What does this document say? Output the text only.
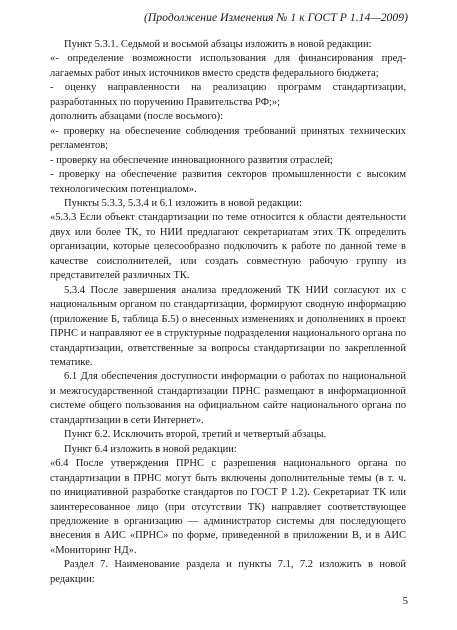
(Продолжение Изменения № 1 к ГОСТ Р 1.14—2009)

Пункт 5.3.1. Седьмой и восьмой абзацы изложить в новой редакции:

«- определение возможности использования для финансирования предлагаемых работ иных источников вместо средств федерального бюджета;

- оценку направленности на реализацию программ стандартизации, разработанных по поручению Правительства РФ;»;

дополнить абзацами (после восьмого):

«- проверку на обеспечение соблюдения требований принятых технических регламентов;

- проверку на обеспечение инновационного развития отраслей;

- проверку на обеспечение развития секторов промышленности с высоким технологическим потенциалом».

Пункты 5.3.3, 5.3.4 и 6.1 изложить в новой редакции:

«5.3.3 Если объект стандартизации по теме относится к области деятельности двух или более ТК, то НИИ предлагают секретариатам этих ТК определить организации, которые целесообразно подключить к работе по данной теме в качестве соисполнителей, или создать совместную рабочую группу из представителей различных ТК.

5.3.4 После завершения анализа предложений ТК НИИ согласуют их с национальным органом по стандартизации, формируют сводную информацию (приложение Б, таблица Б.5) о внесенных изменениях и дополнениях в проект ПРНС и направляют ее в структурные подразделения национального органа по стандартизации, ответственные за вопросы стандартизации по закрепленной тематике.

6.1 Для обеспечения доступности информации о работах по национальной и межгосударственной стандартизации ПРНС размещают в информационной системе общего пользования на официальном сайте национального органа по стандартизации в сети Интернет».

Пункт 6.2. Исключить второй, третий и четвертый абзацы.

Пункт 6.4 изложить в новой редакции:

«6.4 После утверждения ПРНС с разрешения национального органа по стандартизации в ПРНС могут быть включены дополнительные темы (в т. ч. по инициативной разработке стандартов по ГОСТ Р 1.2). Секретариат ТК или заинтересованное лицо (при отсутствии ТК) направляет соответствующее предложение в организацию — администратор системы для последующего внесения в АИС «ПРНС» по форме, приведенной в приложении В, и в АИС «Мониторинг НД».

Раздел 7. Наименование раздела и пункты 7.1, 7.2 изложить в новой редакции:

5
